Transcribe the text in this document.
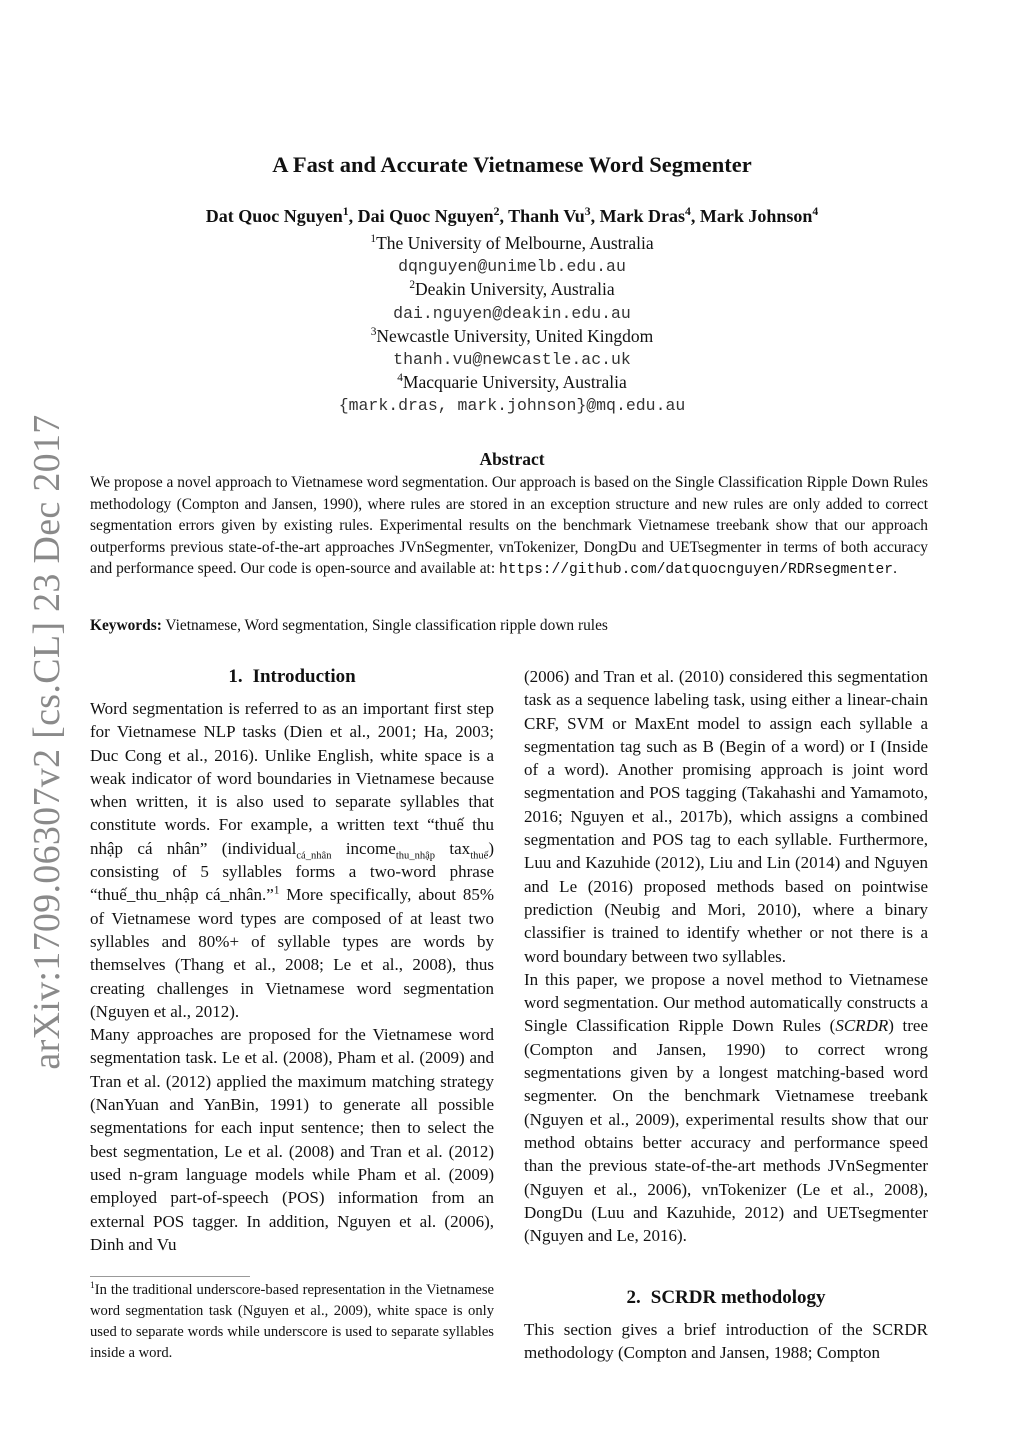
arXiv:1709.06307v2 [cs.CL] 23 Dec 2017
A Fast and Accurate Vietnamese Word Segmenter
Dat Quoc Nguyen$^1$, Dai Quoc Nguyen$^2$, Thanh Vu$^3$, Mark Dras$^4$, Mark Johnson$^4$
$^1$The University of Melbourne, Australia
dqnguyen@unimelb.edu.au
$^2$Deakin University, Australia
dai.nguyen@deakin.edu.au
$^3$Newcastle University, United Kingdom
thanh.vu@newcastle.ac.uk
$^4$Macquarie University, Australia
{mark.dras, mark.johnson}@mq.edu.au
Abstract
We propose a novel approach to Vietnamese word segmentation. Our approach is based on the Single Classification Ripple Down Rules methodology (Compton and Jansen, 1990), where rules are stored in an exception structure and new rules are only added to correct segmentation errors given by existing rules. Experimental results on the benchmark Vietnamese treebank show that our approach outperforms previous state-of-the-art approaches JVnSegmenter, vnTokenizer, DongDu and UETsegmenter in terms of both accuracy and performance speed. Our code is open-source and available at: https://github.com/datquocnguyen/RDRsegmenter.
Keywords: Vietnamese, Word segmentation, Single classification ripple down rules

1. Introduction

Word segmentation is referred to as an important first step for Vietnamese NLP tasks (Dien et al., 2001; Ha, 2003; Duc Cong et al., 2016). Unlike English, white space is a weak indicator of word boundaries in Vietnamese because when written, it is also used to separate syllables that constitute words. For example, a written text “thuế thu nhập cá nhân” (individual$_{cá\_nhân}$ income$_{thu\_nhập}$ tax$_{thuế}$) consisting of 5 syllables forms a two-word phrase “thuế_thu_nhập cá_nhân.”$^1$ More specifically, about 85% of Vietnamese word types are composed of at least two syllables and 80%+ of syllable types are words by themselves (Thang et al., 2008; Le et al., 2008), thus creating challenges in Vietnamese word segmentation (Nguyen et al., 2012).

Many approaches are proposed for the Vietnamese word segmentation task. Le et al. (2008), Pham et al. (2009) and Tran et al. (2012) applied the maximum matching strategy (NanYuan and YanBin, 1991) to generate all possible segmentations for each input sentence; then to select the best segmentation, Le et al. (2008) and Tran et al. (2012) used n-gram language models while Pham et al. (2009) employed part-of-speech (POS) information from an external POS tagger. In addition, Nguyen et al. (2006), Dinh and Vu

(2006) and Tran et al. (2010) considered this segmentation task as a sequence labeling task, using either a linear-chain CRF, SVM or MaxEnt model to assign each syllable a segmentation tag such as B (Begin of a word) or I (Inside of a word). Another promising approach is joint word segmentation and POS tagging (Takahashi and Yamamoto, 2016; Nguyen et al., 2017b), which assigns a combined segmentation and POS tag to each syllable. Furthermore, Luu and Kazuhide (2012), Liu and Lin (2014) and Nguyen and Le (2016) proposed methods based on pointwise prediction (Neubig and Mori, 2010), where a binary classifier is trained to identify whether or not there is a word boundary between two syllables.

In this paper, we propose a novel method to Vietnamese word segmentation. Our method automatically constructs a Single Classification Ripple Down Rules (SCRDR) tree (Compton and Jansen, 1990) to correct wrong segmentations given by a longest matching-based word segmenter. On the benchmark Vietnamese treebank (Nguyen et al., 2009), experimental results show that our method obtains better accuracy and performance speed than the previous state-of-the-art methods JVnSegmenter (Nguyen et al., 2006), vnTokenizer (Le et al., 2008), DongDu (Luu and Kazuhide, 2012) and UETsegmenter (Nguyen and Le, 2016).

2. SCRDR methodology

This section gives a brief introduction of the SCRDR methodology (Compton and Jansen, 1988; Compton

$^1$In the traditional underscore-based representation in the Vietnamese word segmentation task (Nguyen et al., 2009), white space is only used to separate words while underscore is used to separate syllables inside a word.
